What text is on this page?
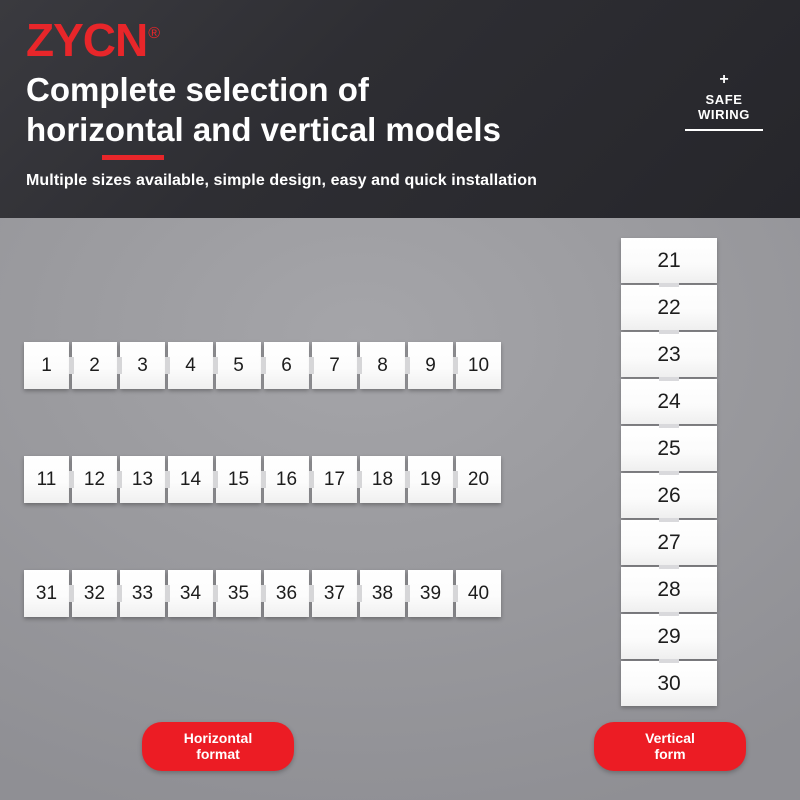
ZYCN®
Complete selection of
horizontal and vertical models
Multiple sizes available, simple design, easy and quick installation
+
SAFE
WIRING
1	2	3	4	5	6	7	8	9	10
11	12	13	14	15	16	17	18	19	20
31	32	33	34	35	36	37	38	39	40
21
22
23
24
25
26
27
28
29
30
Horizontal
format
Vertical
form
